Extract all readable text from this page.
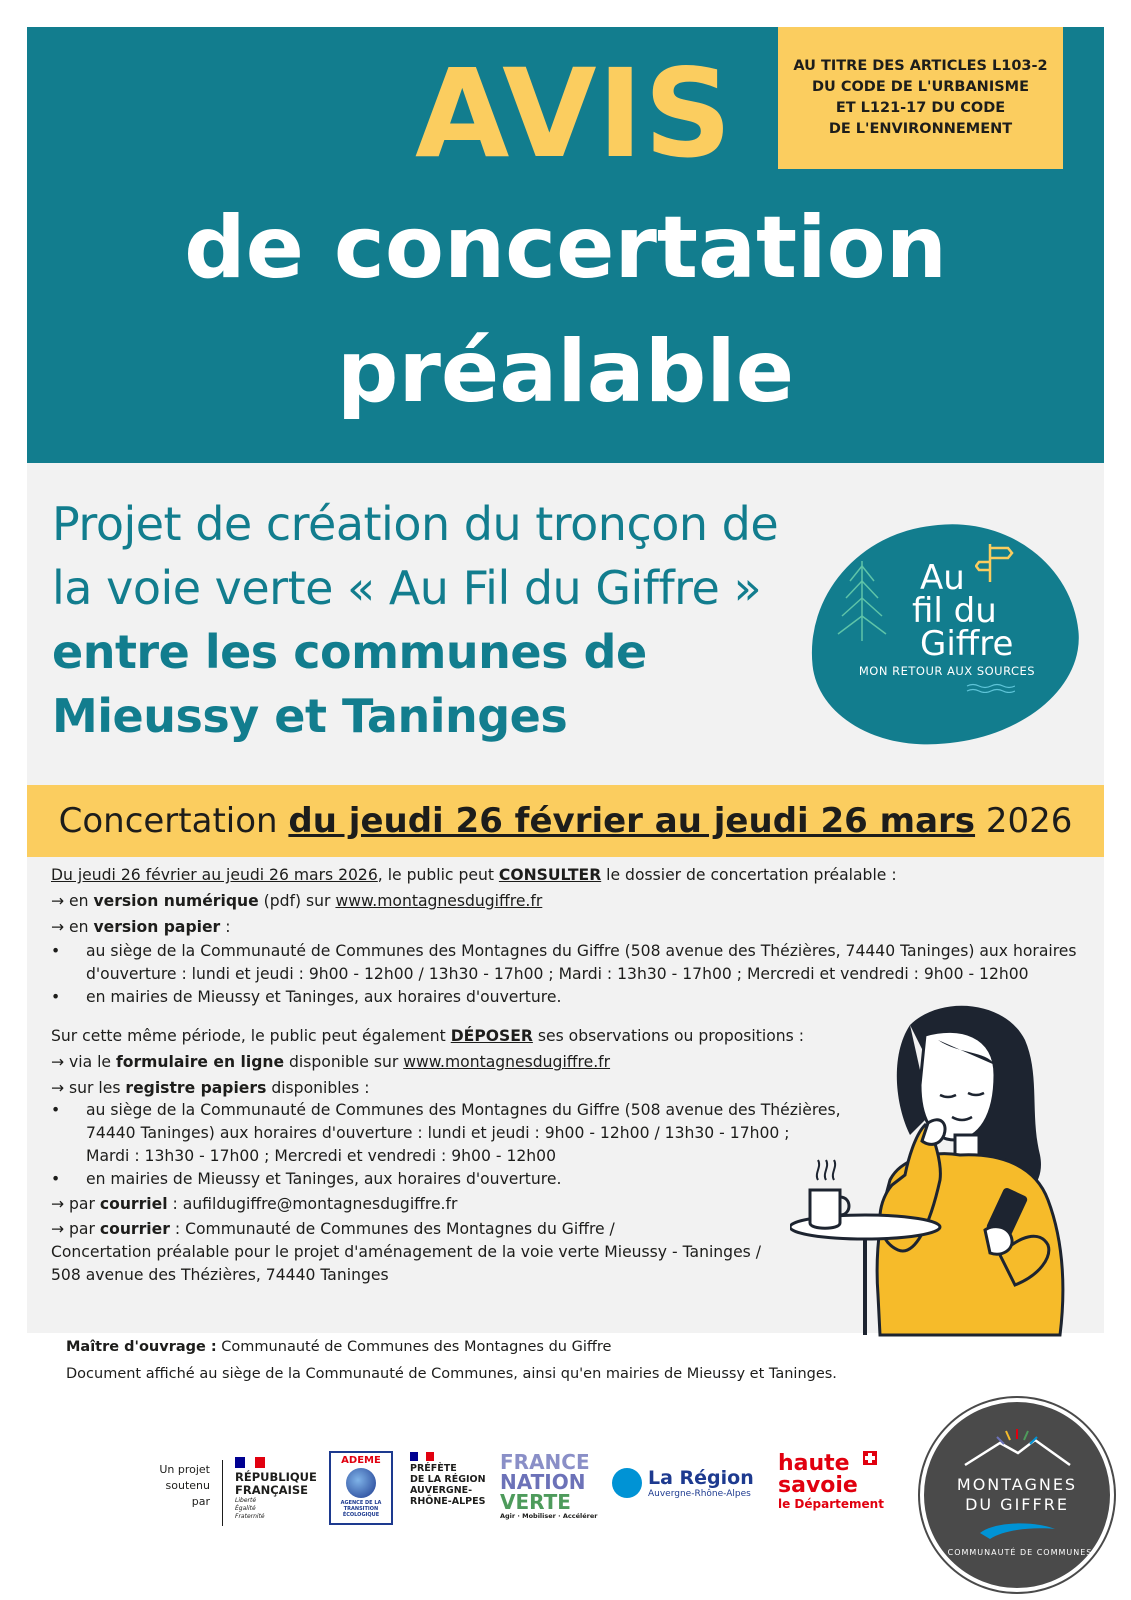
AU TITRE DES ARTICLES L103-2
DU CODE DE L'URBANISME
ET L121-17 DU CODE
DE L'ENVIRONNEMENT
AVIS
de concertation
préalable
Projet de création du tronçon de la voie verte « Au Fil du Giffre » entre les communes de Mieussy et Taninges
Au
fil du
Giffre
MON RETOUR AUX SOURCES
Concertation
du jeudi 26 février au jeudi 26 mars
2026
Du jeudi 26 février au jeudi 26 mars 2026, le public peut CONSULTER le dossier de concertation préalable :
→ en version numérique (pdf) sur www.montagnesdugiffre.fr
→ en version papier :
• au siège de la Communauté de Communes des Montagnes du Giffre (508 avenue des Thézières, 74440 Taninges) aux horaires
d'ouverture : lundi et jeudi : 9h00 - 12h00 / 13h30 - 17h00 ; Mardi : 13h30 - 17h00 ; Mercredi et vendredi : 9h00 - 12h00
• en mairies de Mieussy et Taninges, aux horaires d'ouverture.
Sur cette même période, le public peut également DÉPOSER ses observations ou propositions :
→ via le formulaire en ligne disponible sur www.montagnesdugiffre.fr
→ sur les registre papiers disponibles :
• au siège de la Communauté de Communes des Montagnes du Giffre (508 avenue des Thézières,
74440 Taninges) aux horaires d'ouverture : lundi et jeudi : 9h00 - 12h00 / 13h30 - 17h00 ;
Mardi : 13h30 - 17h00 ; Mercredi et vendredi : 9h00 - 12h00
• en mairies de Mieussy et Taninges, aux horaires d'ouverture.
→ par courriel : aufildugiffre@montagnesdugiffre.fr
→ par courrier : Communauté de Communes des Montagnes du Giffre /
Concertation préalable pour le projet d'aménagement de la voie verte Mieussy - Taninges /
508 avenue des Thézières, 74440 Taninges
Maître d'ouvrage : Communauté de Communes des Montagnes du Giffre
Document affiché au siège de la Communauté de Communes, ainsi qu'en mairies de Mieussy et Taninges.
Un projet soutenu par
RÉPUBLIQUE
FRANÇAISE
Liberté Égalité Fraternité
ADEME
AGENCE DE LA TRANSITION ÉCOLOGIQUE
PRÉFÈTE
DE LA RÉGION
AUVERGNE-
RHÔNE-ALPES
FRANCE
NATION
VERTE
Agir · Mobiliser · Accélérer
La Région
Auvergne-Rhône-Alpes
haute
savoie
le Département
MONTAGNES
DU GIFFRE
COMMUNAUTÉ DE COMMUNES
